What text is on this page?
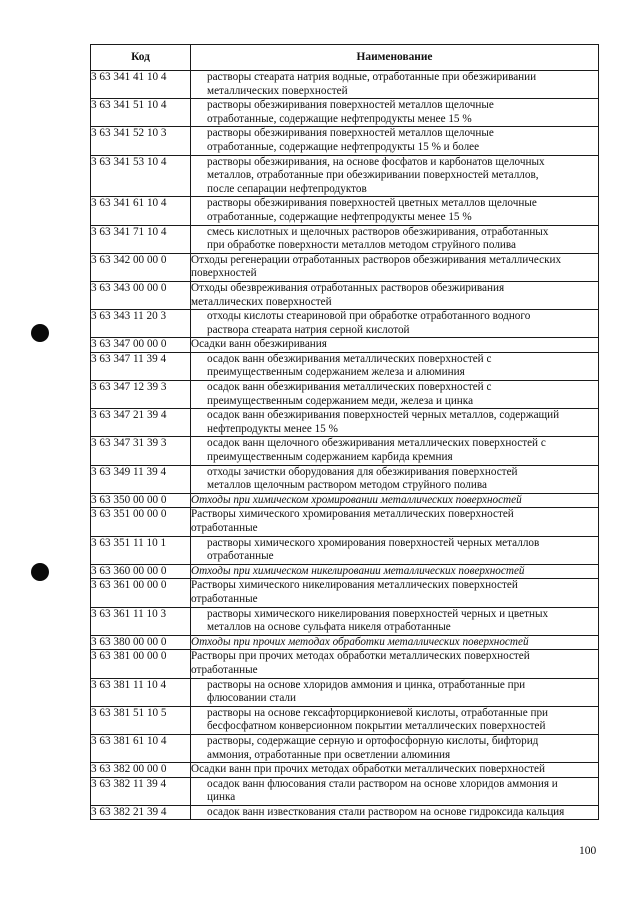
Код	Наименование
3 63 341 41 10 4	растворы стеарата натрия водные, отработанные при обезжиривании
металлических поверхностей
3 63 341 51 10 4	растворы обезжиривания поверхностей металлов щелочные
отработанные, содержащие нефтепродукты менее 15 %
3 63 341 52 10 3	растворы обезжиривания поверхностей металлов щелочные
отработанные, содержащие нефтепродукты 15 % и более
3 63 341 53 10 4	растворы обезжиривания, на основе фосфатов и карбонатов щелочных
металлов, отработанные при обезжиривании поверхностей металлов,
после сепарации нефтепродуктов
3 63 341 61 10 4	растворы обезжиривания поверхностей цветных металлов щелочные
отработанные, содержащие нефтепродукты менее 15 %
3 63 341 71 10 4	смесь кислотных и щелочных растворов обезжиривания, отработанных
при обработке поверхности металлов методом струйного полива
3 63 342 00 00 0	Отходы регенерации отработанных растворов обезжиривания металлических
поверхностей
3 63 343 00 00 0	Отходы обезвреживания отработанных растворов обезжиривания
металлических поверхностей
3 63 343 11 20 3	отходы кислоты стеариновой при обработке отработанного водного
раствора стеарата натрия серной кислотой
3 63 347 00 00 0	Осадки ванн обезжиривания
3 63 347 11 39 4	осадок ванн обезжиривания металлических поверхностей с
преимущественным содержанием железа и алюминия
3 63 347 12 39 3	осадок ванн обезжиривания металлических поверхностей с
преимущественным содержанием меди, железа и цинка
3 63 347 21 39 4	осадок ванн обезжиривания поверхностей черных металлов, содержащий
нефтепродукты менее 15 %
3 63 347 31 39 3	осадок ванн щелочного обезжиривания металлических поверхностей с
преимущественным содержанием карбида кремния
3 63 349 11 39 4	отходы зачистки оборудования для обезжиривания поверхностей
металлов щелочным раствором методом струйного полива
3 63 350 00 00 0	Отходы при химическом хромировании металлических поверхностей
3 63 351 00 00 0	Растворы химического хромирования металлических поверхностей
отработанные
3 63 351 11 10 1	растворы химического хромирования поверхностей черных металлов
отработанные
3 63 360 00 00 0	Отходы при химическом никелировании металлических поверхностей
3 63 361 00 00 0	Растворы химического никелирования металлических поверхностей
отработанные
3 63 361 11 10 3	растворы химического никелирования поверхностей черных и цветных
металлов на основе сульфата никеля отработанные
3 63 380 00 00 0	Отходы при прочих методах обработки металлических поверхностей
3 63 381 00 00 0	Растворы при прочих методах обработки металлических поверхностей
отработанные
3 63 381 11 10 4	растворы на основе хлоридов аммония и цинка, отработанные при
флюсовании стали
3 63 381 51 10 5	растворы на основе гексафторциркониевой кислоты, отработанные при
бесфосфатном конверсионном покрытии металлических поверхностей
3 63 381 61 10 4	растворы, содержащие серную и ортофосфорную кислоты, бифторид
аммония, отработанные при осветлении алюминия
3 63 382 00 00 0	Осадки ванн при прочих методах обработки металлических поверхностей
3 63 382 11 39 4	осадок ванн флюсования стали раствором на основе хлоридов аммония и
цинка
3 63 382 21 39 4	осадок ванн известкования стали раствором на основе гидроксида кальция
100
